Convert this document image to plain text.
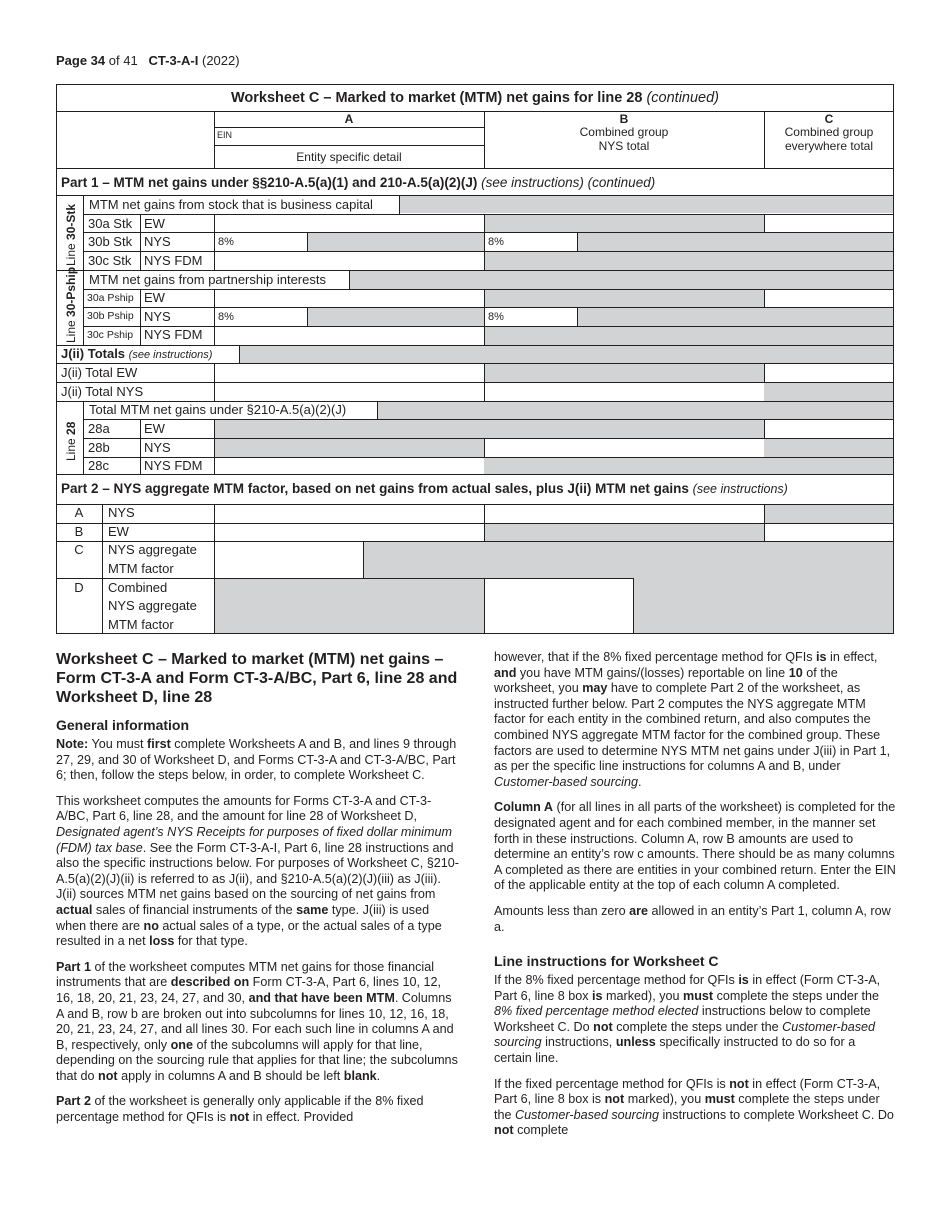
Page 34 of 41 CT-3-A-I (2022)
Worksheet C – Marked to market (MTM) net gains for line 28 (continued)
A
EIN
Entity specific detail
B
Combined group
NYS total
C
Combined group
everywhere total
Part 1 – MTM net gains under §§210-A.5(a)(1) and 210-A.5(a)(2)(J) (see instructions) (continued)
MTM net gains from stock that is business capital
MTM net gains from partnership interests
J(ii) Totals (see instructions)
Total MTM net gains under §210-A.5(a)(2)(J)
Line 30-Stk
Line 30-Pship
Line 28
30a Stk EW
30b Stk NYS	8%	8%
30c Stk NYS FDM
30a Pship EW
30b Pship NYS	8%	8%
30c Pship NYS FDM
J(ii) Total EW
J(ii) Total NYS
28a	EW
28b	NYS
28c	NYS FDM
Part 2 – NYS aggregate MTM factor, based on net gains from actual sales, plus J(ii) MTM net gains (see instructions)
A	NYS
B	EW
C	NYS aggregate
MTM factor
D	Combined
NYS aggregate
MTM factor
Worksheet C – Marked to market (MTM) net gains – Form CT-3-A and Form CT-3-A/BC, Part 6, line 28 and Worksheet D, line 28
General information

Note: You must first complete Worksheets A and B, and lines 9 through 27, 29, and 30 of Worksheet D, and Forms CT-3-A and CT-3-A/BC, Part 6; then, follow the steps below, in order, to complete Worksheet C.

This worksheet computes the amounts for Forms CT-3-A and CT-3-A/BC, Part 6, line 28, and the amount for line 28 of Worksheet D, Designated agent’s NYS Receipts for purposes of fixed dollar minimum (FDM) tax base. See the Form CT-3-A-I, Part 6, line 28 instructions and also the specific instructions below. For purposes of Worksheet C, §210-A.5(a)(2)(J)(ii) is referred to as J(ii), and §210-A.5(a)(2)(J)(iii) as J(iii). J(ii) sources MTM net gains based on the sourcing of net gains from actual sales of financial instruments of the same type. J(iii) is used when there are no actual sales of a type, or the actual sales of a type resulted in a net loss for that type.

Part 1 of the worksheet computes MTM net gains for those financial instruments that are described on Form CT-3-A, Part 6, lines 10, 12, 16, 18, 20, 21, 23, 24, 27, and 30, and that have been MTM. Columns A and B, row b are broken out into subcolumns for lines 10, 12, 16, 18, 20, 21, 23, 24, 27, and all lines 30. For each such line in columns A and B, respectively, only one of the subcolumns will apply for that line, depending on the sourcing rule that applies for that line; the subcolumns that do not apply in columns A and B should be left blank.

Part 2 of the worksheet is generally only applicable if the 8% fixed percentage method for QFIs is not in effect. Provided

however, that if the 8% fixed percentage method for QFIs is in effect, and you have MTM gains/(losses) reportable on line 10 of the worksheet, you may have to complete Part 2 of the worksheet, as instructed further below. Part 2 computes the NYS aggregate MTM factor for each entity in the combined return, and also computes the combined NYS aggregate MTM factor for the combined group. These factors are used to determine NYS MTM net gains under J(iii) in Part 1, as per the specific line instructions for columns A and B, under Customer-based sourcing.

Column A (for all lines in all parts of the worksheet) is completed for the designated agent and for each combined member, in the manner set forth in these instructions. Column A, row B amounts are used to determine an entity’s row c amounts. There should be as many columns A completed as there are entities in your combined return. Enter the EIN of the applicable entity at the top of each column A completed.

Amounts less than zero are allowed in an entity’s Part 1, column A, row a.

Line instructions for Worksheet C

If the 8% fixed percentage method for QFIs is in effect (Form CT-3-A, Part 6, line 8 box is marked), you must complete the steps under the 8% fixed percentage method elected instructions below to complete Worksheet C. Do not complete the steps under the Customer-based sourcing instructions, unless specifically instructed to do so for a certain line.

If the fixed percentage method for QFIs is not in effect (Form CT-3-A, Part 6, line 8 box is not marked), you must complete the steps under the Customer-based sourcing instructions to complete Worksheet C. Do not complete
